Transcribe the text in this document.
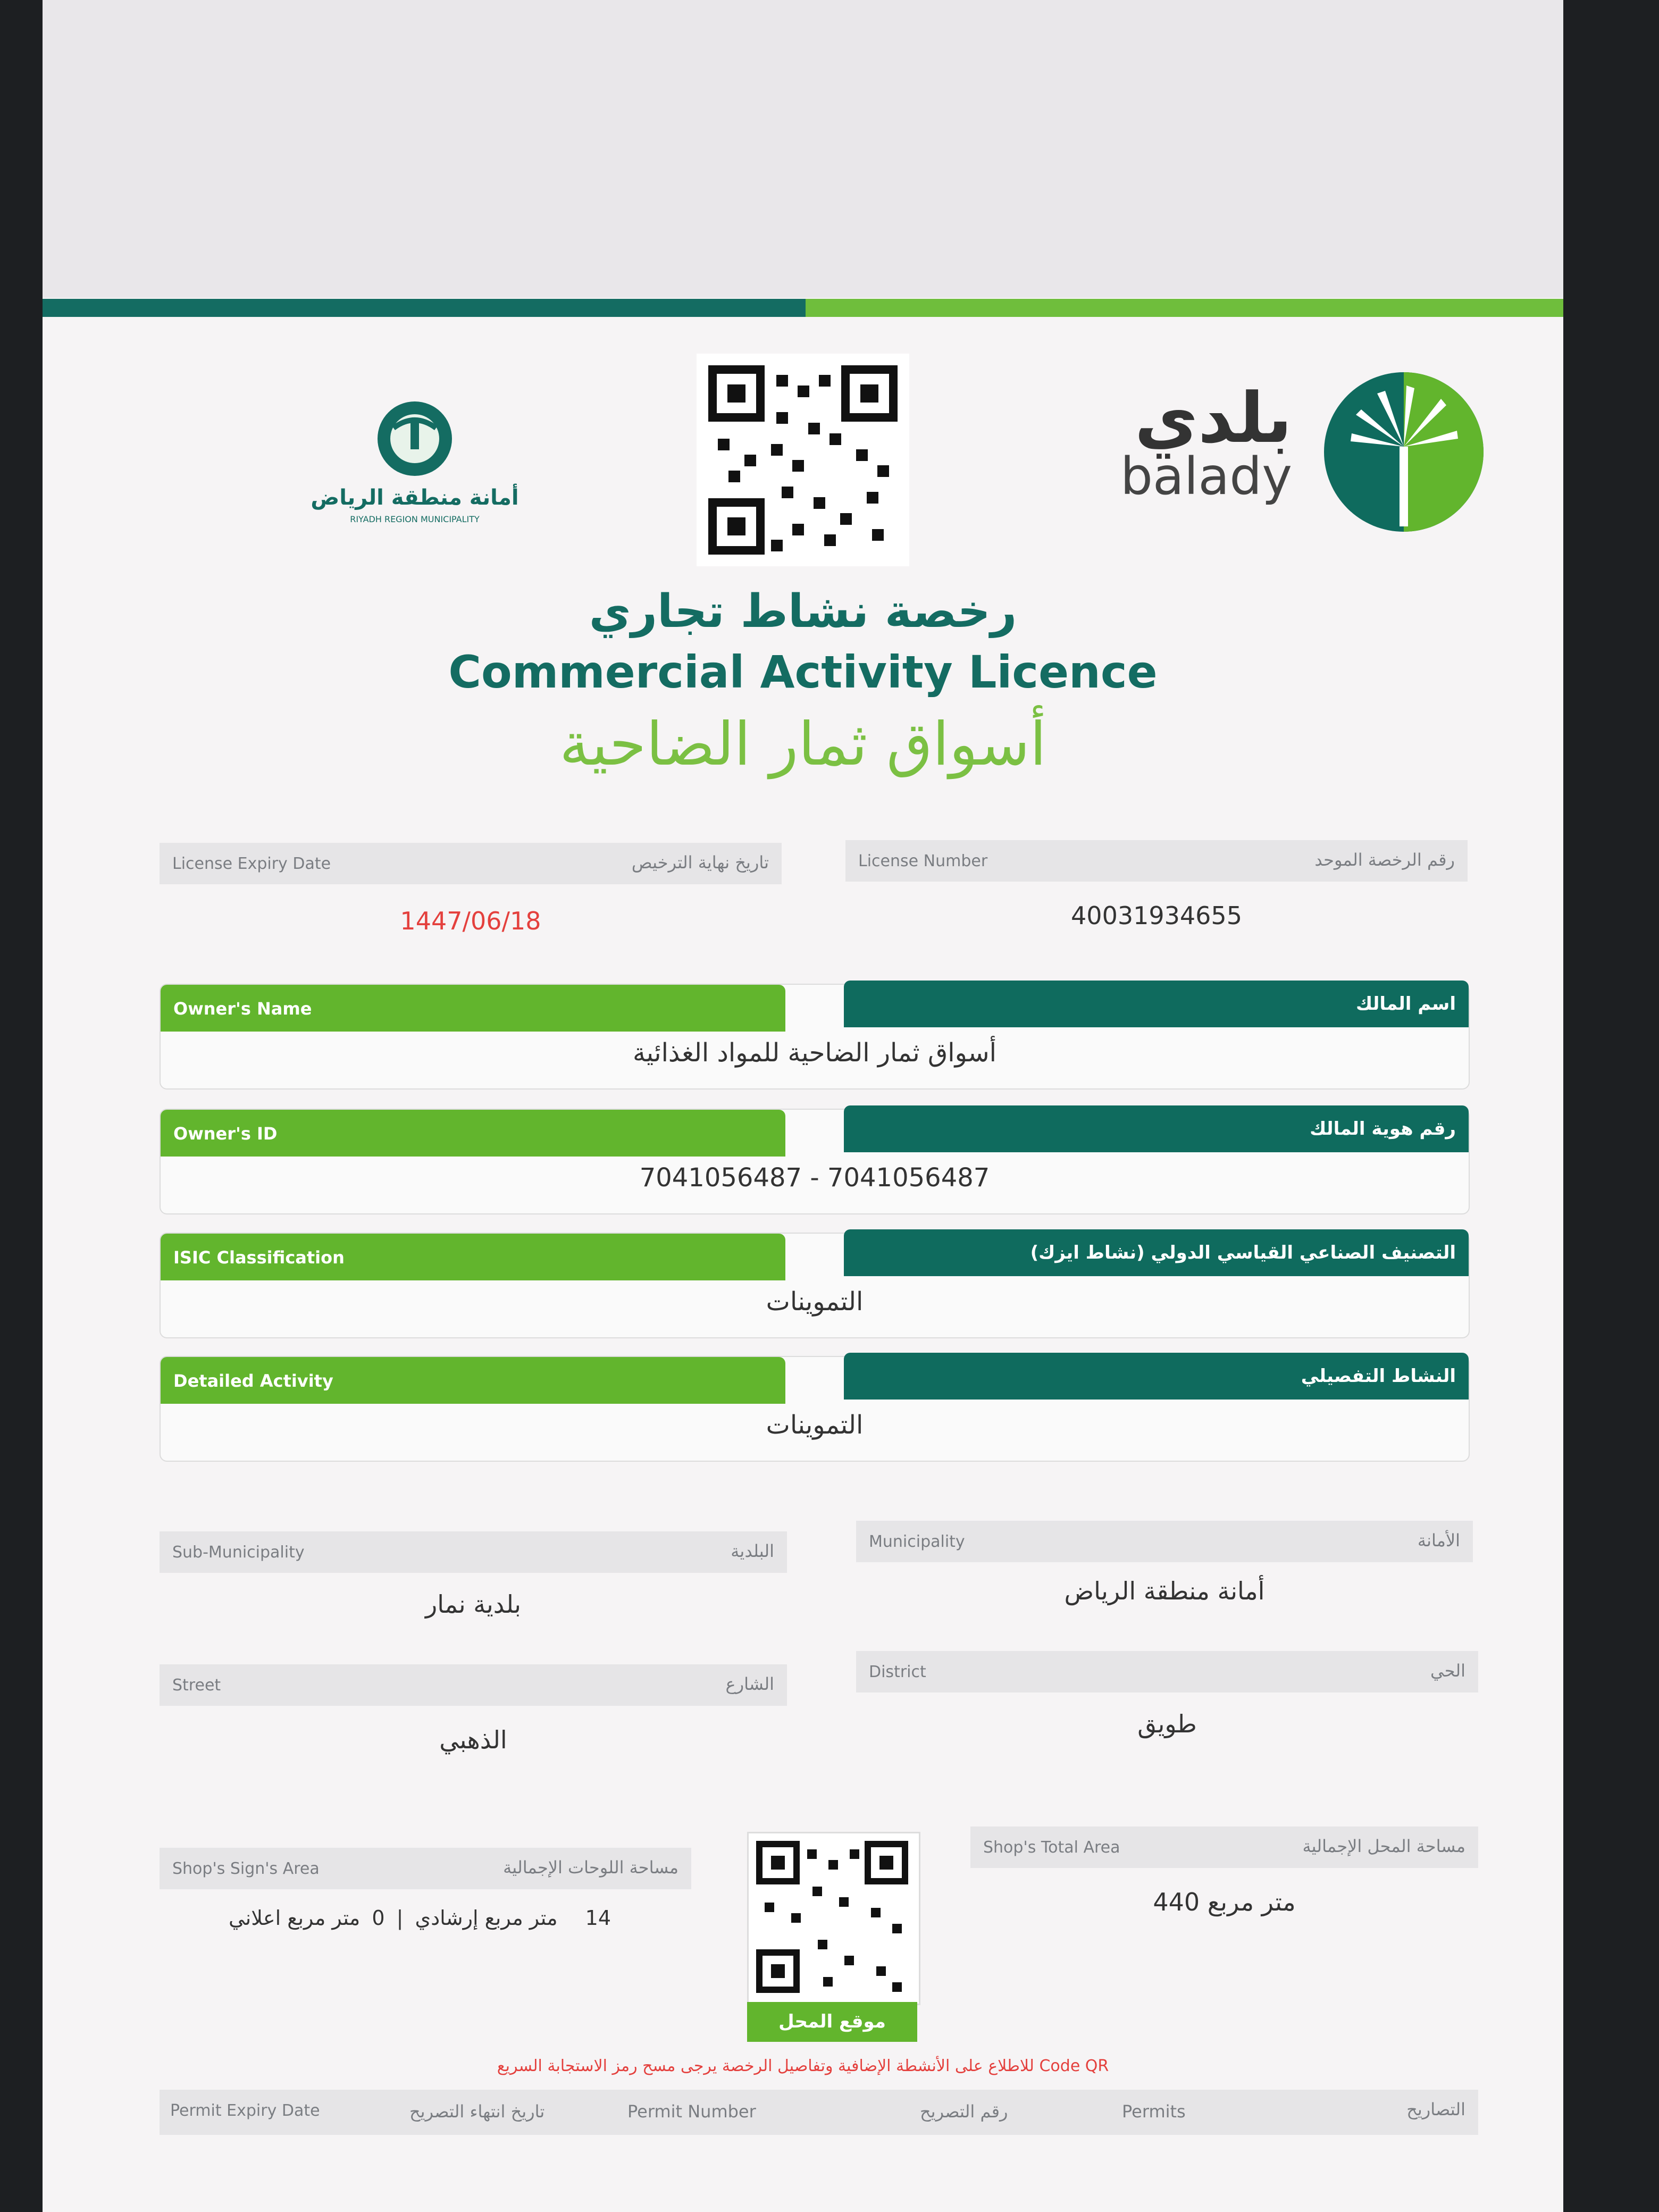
أمانة منطقة الرياض
RIYADH REGION MUNICIPALITY
بلدي
balady
رخصة نشاط تجاري
Commercial Activity Licence
أسواق ثمار الضاحية
License Expiry Date	تاريخ نهاية الترخيص
1447/06/18
License Number	رقم الرخصة الموحد
40031934655
Owner's Name	اسم المالك
أسواق ثمار الضاحية للمواد الغذائية
Owner's ID	رقم هوية المالك
7041056487 - 7041056487
ISIC Classification	التصنيف الصناعي القياسي الدولي (نشاط ايزك)
التموينات
Detailed Activity	النشاط التفصيلي
التموينات
Sub-Municipality	البلدية
بلدية نمار
Municipality	الأمانة
أمانة منطقة الرياض
Street	الشارع
الذهبي
District	الحي
طويق
Shop's Sign's Area	مساحة اللوحات الإجمالية
14 متر مربع إرشادي | 0 متر مربع اعلاني
موقع المحل
Shop's Total Area	مساحة المحل الإجمالية
440 متر مربع
للاطلاع على الأنشطة الإضافية وتفاصيل الرخصة يرجى مسح رمز الاستجابة السريع Code QR
Permit Expiry Date	تاريخ انتهاء التصريح	Permit Number	رقم التصريح	Permits	التصاريح
